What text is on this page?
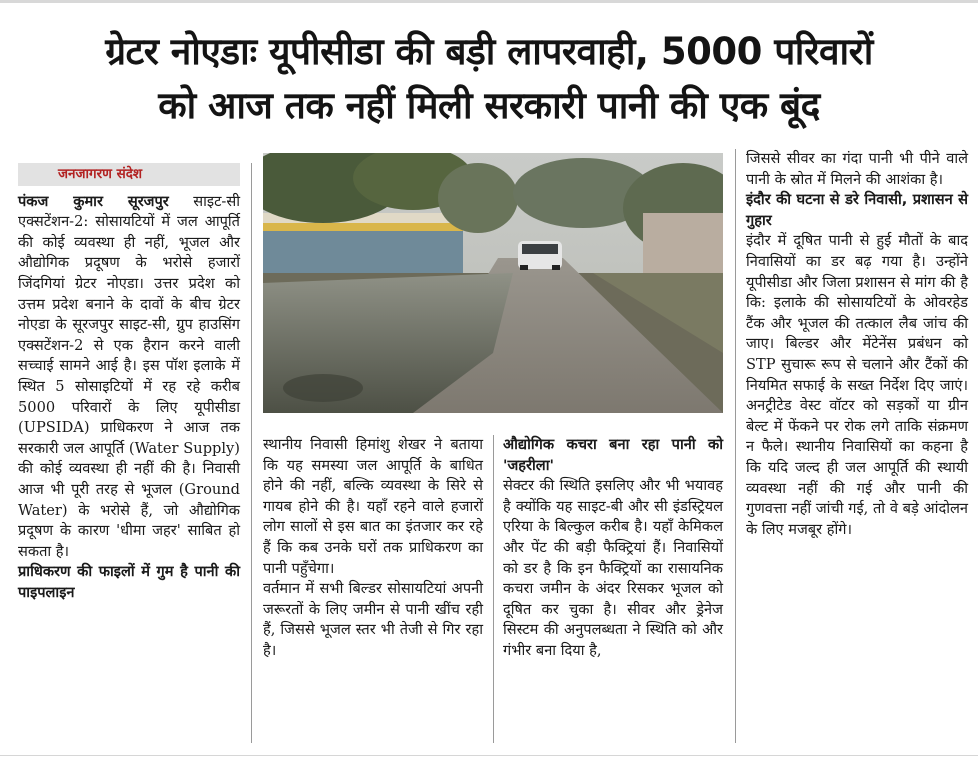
ग्रेटर नोएडाः यूपीसीडा की बड़ी लापरवाही, 5000 परिवारों
को आज तक नहीं मिली सरकारी पानी की एक बूंद
जनजागरण संदेश

पंकज कुमार सूरजपुर साइट-सी एक्सटेंशन-2: सोसायटियों में जल आपूर्ति की कोई व्यवस्था ही नहीं, भूजल और औद्योगिक प्रदूषण के भरोसे हजारों जिंदगियां ग्रेटर नोएडा। उत्तर प्रदेश को उत्तम प्रदेश बनाने के दावों के बीच ग्रेटर नोएडा के सूरजपुर साइट-सी, ग्रुप हाउसिंग एक्सटेंशन-2 से एक हैरान करने वाली सच्चाई सामने आई है। इस पॉश इलाके में स्थित 5 सोसाइटियों में रह रहे करीब 5000 परिवारों के लिए यूपीसीडा (UPSIDA) प्राधिकरण ने आज तक सरकारी जल आपूर्ति (Water Supply) की कोई व्यवस्था ही नहीं की है। निवासी आज भी पूरी तरह से भूजल (Ground Water) के भरोसे हैं, जो औद्योगिक प्रदूषण के कारण 'धीमा जहर' साबित हो सकता है।

प्राधिकरण की फाइलों में गुम है पानी की पाइपलाइन

स्थानीय निवासी हिमांशु शेखर ने बताया कि यह समस्या जल आपूर्ति के बाधित होने की नहीं, बल्कि व्यवस्था के सिरे से गायब होने की है। यहाँ रहने वाले हजारों लोग सालों से इस बात का इंतजार कर रहे हैं कि कब उनके घरों तक प्राधिकरण का पानी पहुँचेगा।

वर्तमान में सभी बिल्डर सोसायटियां अपनी जरूरतों के लिए जमीन से पानी खींच रही हैं, जिससे भूजल स्तर भी तेजी से गिर रहा है।

औद्योगिक कचरा बना रहा पानी को 'जहरीला'

सेक्टर की स्थिति इसलिए और भी भयावह है क्योंकि यह साइट-बी और सी इंडस्ट्रियल एरिया के बिल्कुल करीब है। यहाँ केमिकल और पेंट की बड़ी फैक्ट्रियां हैं। निवासियों को डर है कि इन फैक्ट्रियों का रासायनिक कचरा जमीन के अंदर रिसकर भूजल को दूषित कर चुका है। सीवर और ड्रेनेज सिस्टम की अनुपलब्धता ने स्थिति को और गंभीर बना दिया है,

जिससे सीवर का गंदा पानी भी पीने वाले पानी के स्रोत में मिलने की आशंका है।

इंदौर की घटना से डरे निवासी, प्रशासन से गुहार

इंदौर में दूषित पानी से हुई मौतों के बाद निवासियों का डर बढ़ गया है। उन्होंने यूपीसीडा और जिला प्रशासन से मांग की है कि: इलाके की सोसायटियों के ओवरहेड टैंक और भूजल की तत्काल लैब जांच की जाए। बिल्डर और मेंटेनेंस प्रबंधन को STP सुचारू रूप से चलाने और टैंकों की नियमित सफाई के सख्त निर्देश दिए जाएं। अनट्रीटेड वेस्ट वॉटर को सड़कों या ग्रीन बेल्ट में फेंकने पर रोक लगे ताकि संक्रमण न फैले। स्थानीय निवासियों का कहना है कि यदि जल्द ही जल आपूर्ति की स्थायी व्यवस्था नहीं की गई और पानी की गुणवत्ता नहीं जांची गई, तो वे बड़े आंदोलन के लिए मजबूर होंगे।
